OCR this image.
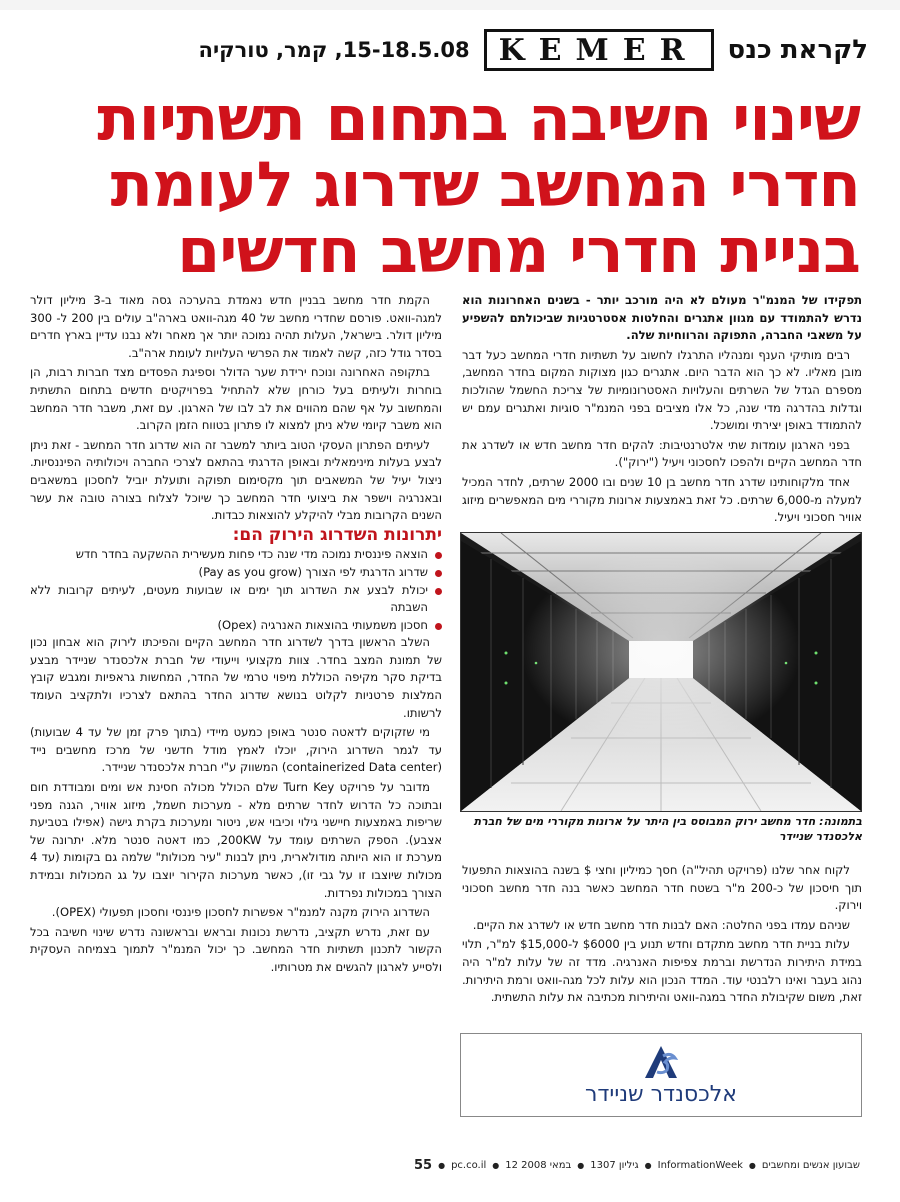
לקראת כנס
KEMER
15-18.5.08, קמר, טורקיה
שינוי חשיבה בתחום תשתיות
חדרי המחשב שדרוג לעומת
בניית חדרי מחשב חדשים

תפקידו של המנמ"ר מעולם לא היה מורכב יותר - בשנים האחרונות הוא נדרש להתמודד עם מגוון אתגרים והחלטות אסטרטגיות שביכולתם להשפיע על משאבי החברה, התפוקה והרווחיות שלה.

רבים מותיקי הענף ומנהליו התרגלו לחשוב על תשתיות חדרי המחשב כעל דבר מובן מאליו. לא כך הוא הדבר היום. אתגרים כגון מצוקות המקום בחדר המחשב, מספרם הגדל של השרתים והעלויות האסטרונומיות של צריכת החשמל שהולכות וגדלות בהדרגה מדי שנה, כל אלו מציבים בפני המנמ"ר סוגיות ואתגרים עמם יש להתמודד באופן יצירתי ומושכל.

בפני הארגון עומדות שתי אלטרנטיבות: להקים חדר מחשב חדש או לשדרג את חדר המחשב הקיים ולהפכו לחסכוני ויעיל ("ירוק").

אחד מלקוחותינו שדרג חדר מחשב בן 10 שנים ובו 2000 שרתים, לחדר המכיל למעלה מ-6,000 שרתים. כל זאת באמצעות ארונות מקוררי מים המאפשרים מיזוג אוויר חסכוני ויעיל.

בתמונה: חדר מחשב ירוק המבוסס בין היתר על ארונות מקוררי מים של חברת אלכסנדר שניידר

לקוח אחר שלנו (פרויקט תהיל"ה) חסך כמיליון וחצי $ בשנה בהוצאות התפעול תוך חיסכון של כ-200 מ"ר בשטח חדר המחשב כאשר בנה חדר מחשב חסכוני וירוק.

שניהם עמדו בפני החלטה: האם לבנות חדר מחשב חדש או לשדרג את הקיים.

עלות בניית חדר מחשב מתקדם וחדש תנוע בין $6000 ל-$15,000 למ"ר, תלוי במידת היתירות הנדרשת וברמת צפיפות האנרגיה. מדד זה של עלות למ"ר היה נהוג בעבר ואינו רלבנטי עוד. המדד הנכון הוא עלות לכל מגה-וואט ורמת היתירות. זאת, משום שקיבולת החדר במגה-וואט והיתירות מכתיבה את עלות התשתית.

אלכסנדר שניידר

הקמת חדר מחשב בבניין חדש נאמדת בהערכה גסה מאוד ב-3 מיליון דולר למגה-וואט. פורסם שחדרי מחשב של 40 מגה-וואט בארה"ב עולים בין 200 ל- 300 מיליון דולר. בישראל, העלות תהיה נמוכה יותר אך מאחר ולא נבנו עדיין בארץ חדרים בסדר גודל כזה, קשה לאמוד את הפרשי העלויות לעומת ארה"ב.

בתקופה האחרונה ונוכח ירידת שער הדולר וספיגת הפסדים מצד חברות רבות, הן בוחרות ולעיתים בעל כורחן שלא להתחיל בפרויקטים חדשים בתחום התשתית והמחשוב על אף שהם מהווים את לב לבו של הארגון. עם זאת, משבר חדר המחשב הוא משבר קיומי שלא ניתן למצוא לו פתרון בטווח הזמן הקרוב.

לעיתים הפתרון העסקי הטוב ביותר למשבר זה הוא שדרוג חדר המחשב - זאת ניתן לבצע בעלות מינימאלית ובאופן הדרגתי בהתאם לצרכי החברה ויכולותיה הפיננסיות. ניצול יעיל של המשאבים תוך מקסימום תפוקה ותועלת יוביל לחסכון במשאבים ובאנרגיה וישפר את ביצועי חדר המחשב כך שיוכל לצלוח בצורה טובה את עשר השנים הקרובות מבלי להיקלע להוצאות כבדות.

יתרונות השדרוג הירוק הם:

הוצאה פיננסית נמוכה מדי שנה כדי פחות מעשירית ההשקעה בחדר חדש
שדרוג הדרגתי לפי הצורך (Pay as you grow)
יכולת לבצע את השדרוג תוך ימים או שבועות מעטים, לעיתים קרובות ללא השבתה
חסכון משמעותי בהוצאות האנרגיה (Opex)

השלב הראשון בדרך לשדרוג חדר המחשב הקיים והפיכתו לירוק הוא אבחון נכון של תמונת המצב בחדר. צוות מקצועי וייעודי של חברת אלכסנדר שניידר מבצע בדיקת סקר מקיפה הכוללת מיפוי טרמי של החדר, המחשות גראפיות ומגבש קובץ המלצות פרטניות לקלוט בנושא שדרוג החדר בהתאם לצרכיו ולתקציב העומד לרשותו.

מי שזקוקים לדאטה סנטר באופן כמעט מיידי (בתוך פרק זמן של עד 4 שבועות) עד לגמר השדרוג הירוק, יוכלו לאמץ מודל חדשני של מרכז מחשבים נייד (containerized Data center) המשווק ע"י חברת אלכסנדר שניידר.

מדובר על פרויקט Turn Key שלם הכולל מכולה חסינת אש ומים ומבודדת חום ובתוכה כל הדרוש לחדר שרתים מלא - מערכות חשמל, מיזוג אוויר, הגנה מפני שריפות באמצעות חיישני גילוי וכיבוי אש, ניטור ומערכות בקרת גישה (אפילו בטביעת אצבע). הספק השרתים עומד על 200KW, כמו דאטה סנטר מלא. יתרונה של מערכת זו הוא היותה מודולארית, ניתן לבנות "עיר מכולות" שלמה גם בקומות (עד 4 מכולות שיוצבו זו על גבי זו), כאשר מערכות הקירור יוצבו על גג המכולות ובמידת הצורך במכולות נפרדות.

השדרוג הירוק מקנה למנמ"ר אפשרות לחסכון פיננסי וחסכון תפעולי (OPEX).

עם זאת, נדרש תקציב, נדרשת נכונות ובראש ובראשונה נדרש שינוי חשיבה בכל הקשור לתכנון תשתיות חדר המחשב. כך יכול המנמ"ר לתמוך בצמיחה העסקית ולסייע לארגון להגשים את מטרותיו.

55 ● pc.co.il ● 12 במאי 2008 ● גיליון 1307 ● InformationWeek ● שבועון אנשים ומחשבים
